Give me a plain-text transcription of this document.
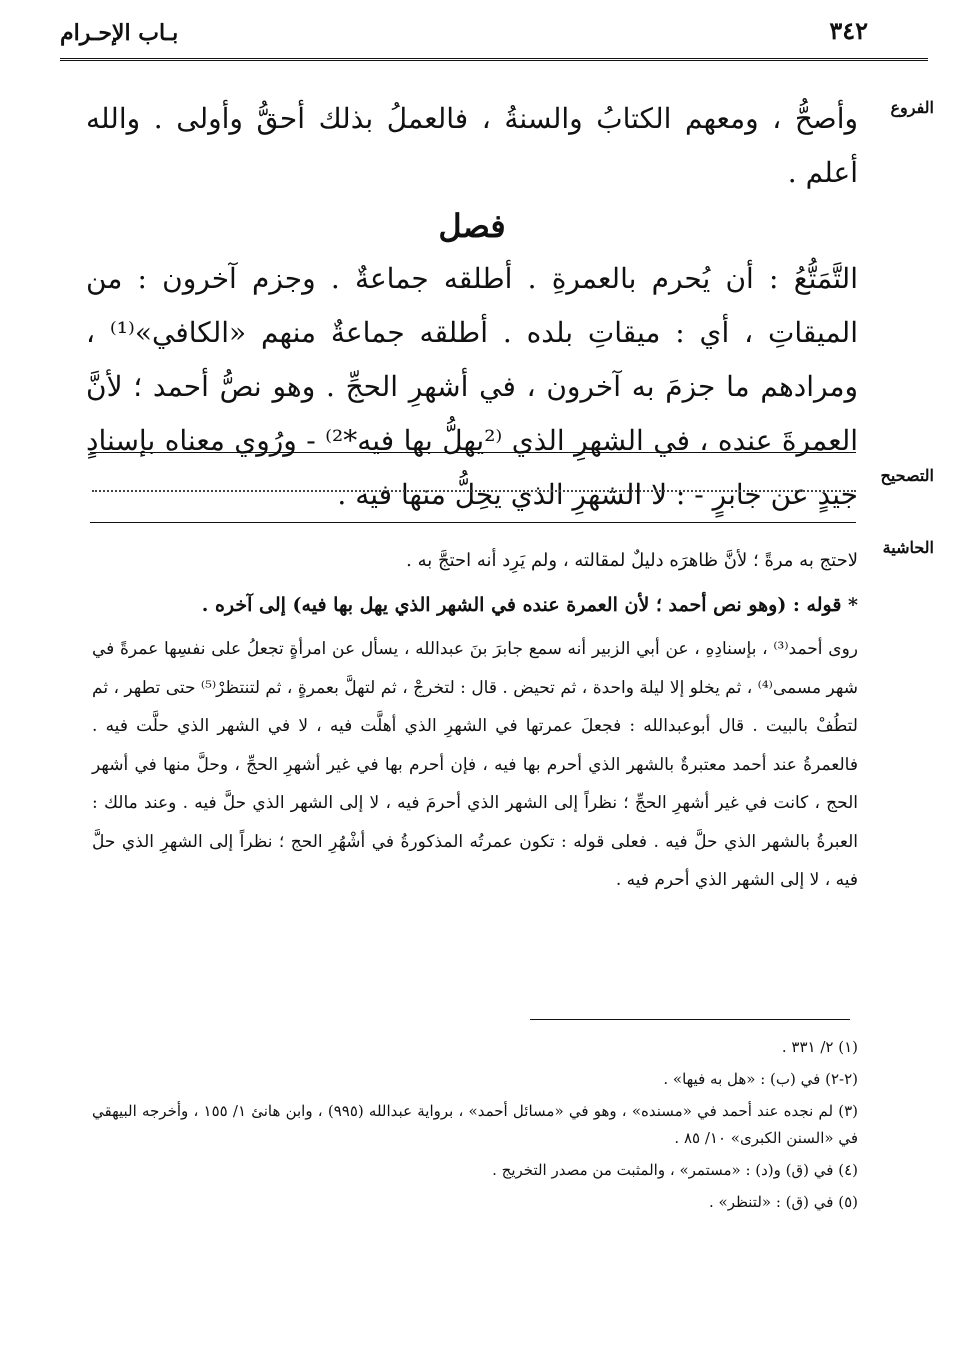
٣٤٢
بـاب الإحـرام
الفروع
التصحيح
الحاشية

وأصحُّ ، ومعهم الكتابُ والسنةُ ، فالعملُ بذلك أحقُّ وأولى . والله أعلم .

فصل

التَّمَتُّعُ : أن يُحرم بالعمرةِ . أطلقه جماعةٌ . وجزم آخرون : من الميقاتِ ، أي : ميقاتِ بلده . أطلقه جماعةٌ منهم «الكافي»⁽¹⁾ ، ومرادهم ما جزمَ به آخرون ، في أشهرِ الحجِّ . وهو نصُّ أحمد ؛ لأنَّ العمرةَ عنده ، في الشهرِ الذي ⁽²يهلُّ بها فيه*²⁾ - ورُوي معناه بإسنادٍ جيدٍ عن جابرٍ - : لا الشهرِ الذي يحِلُّ منها فيه .

لاحتج به مرةً ؛ لأنَّ ظاهرَه دليلٌ لمقالته ، ولم يَرِد أنه احتجَّ به .

* قوله : (وهو نص أحمد ؛ لأن العمرة عنده في الشهر الذي يهل بها فيه) إلى آخره .

روى أحمد⁽³⁾ ، بإسنادِهِ ، عن أبي الزبير أنه سمع جابرَ بنَ عبدالله ، يسأل عن امرأةٍ تجعلُ على نفسِها عمرةً في شهر مسمى⁽⁴⁾ ، ثم يخلو إلا ليلة واحدة ، ثم تحيض . قال : لتخرجْ ، ثم لتهلَّ بعمرةٍ ، ثم لتنتظرْ⁽⁵⁾ حتى تطهر ، ثم لتطُفْ بالبيت . قال أبوعبدالله : فجعلَ عمرتها في الشهرِ الذي أهلَّت فيه ، لا في الشهر الذي حلَّت فيه . فالعمرةُ عند أحمد معتبرةٌ بالشهر الذي أحرم بها فيه ، فإن أحرم بها في غير أشهرِ الحجِّ ، وحلَّ منها في أشهر الحج ، كانت في غير أشهرِ الحجِّ ؛ نظراً إلى الشهر الذي أحرمَ فيه ، لا إلى الشهر الذي حلَّ فيه . وعند مالك : العبرةُ بالشهر الذي حلَّ فيه . فعلى قوله : تكون عمرتُه المذكورةُ في أشْهُرِ الحج ؛ نظراً إلى الشهرِ الذي حلَّ فيه ، لا إلى الشهر الذي أحرم فيه .

(١) ٢/ ٣٣١ .
(٢-٢) في (ب) : «هل به فيها» .
(٣) لم نجده عند أحمد في «مسنده» ، وهو في «مسائل أحمد» ، برواية عبدالله (٩٩٥) ، وابن هانئ ١/ ١٥٥ ، وأخرجه البيهقي في «السنن الكبرى» ١٠/ ٨٥ .
(٤) في (ق) و(د) : «مستمر» ، والمثبت من مصدر التخريج .
(٥) في (ق) : «لتنظر» .
